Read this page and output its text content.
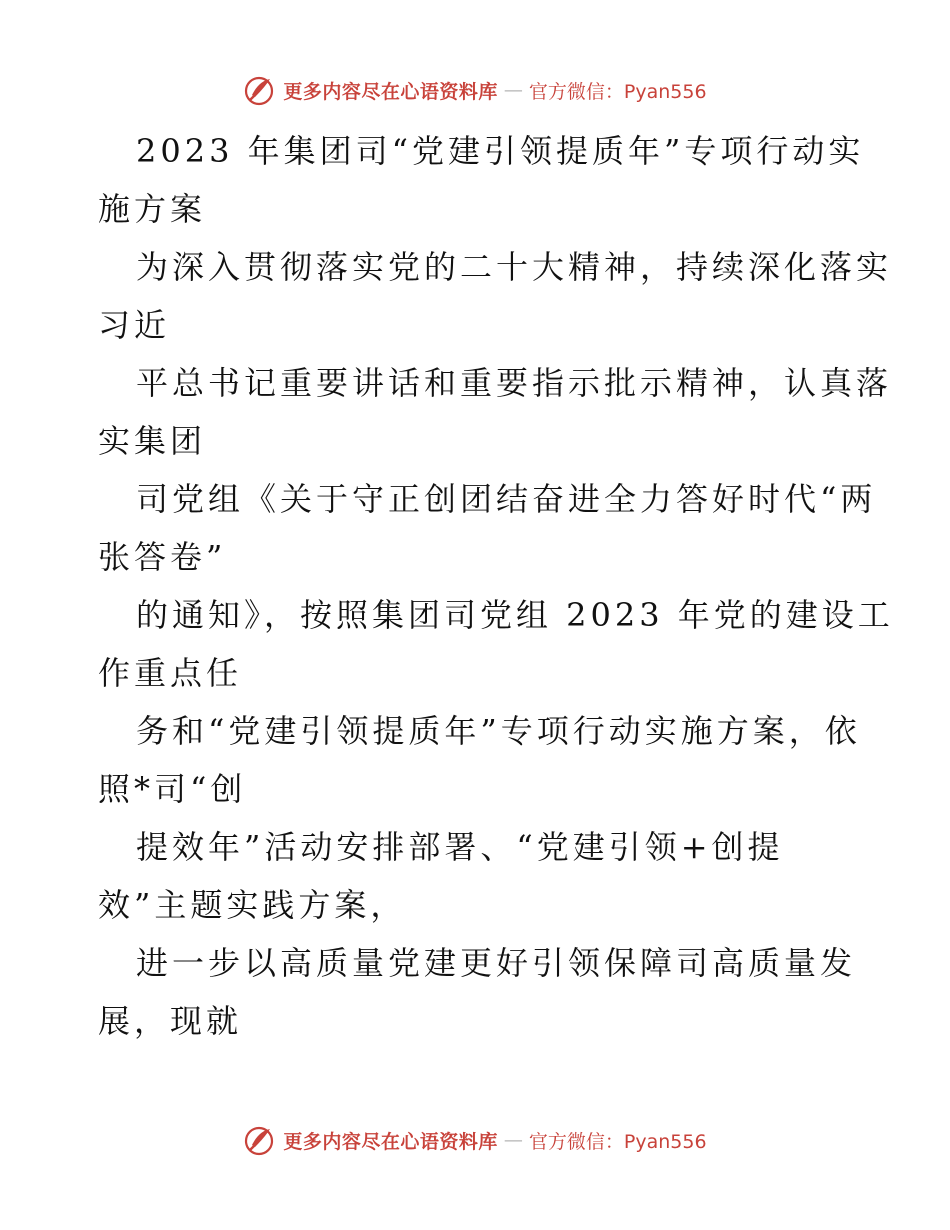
更多内容尽在心语资料库 — 官方微信：Pyan556
2023 年集团司“党建引领提质年”专项行动实
施方案
为深入贯彻落实党的二十大精神，持续深化落实
习近
平总书记重要讲话和重要指示批示精神，认真落
实集团
司党组《关于守正创团结奋进全力答好时代“两
张答卷”
的通知》，按照集团司党组 2023 年党的建设工
作重点任
务和“党建引领提质年”专项行动实施方案，依
照*司“创
提效年”活动安排部署、“党建引领+创提
效”主题实践方案，
进一步以高质量党建更好引领保障司高质量发
展，现就
更多内容尽在心语资料库 — 官方微信：Pyan556
